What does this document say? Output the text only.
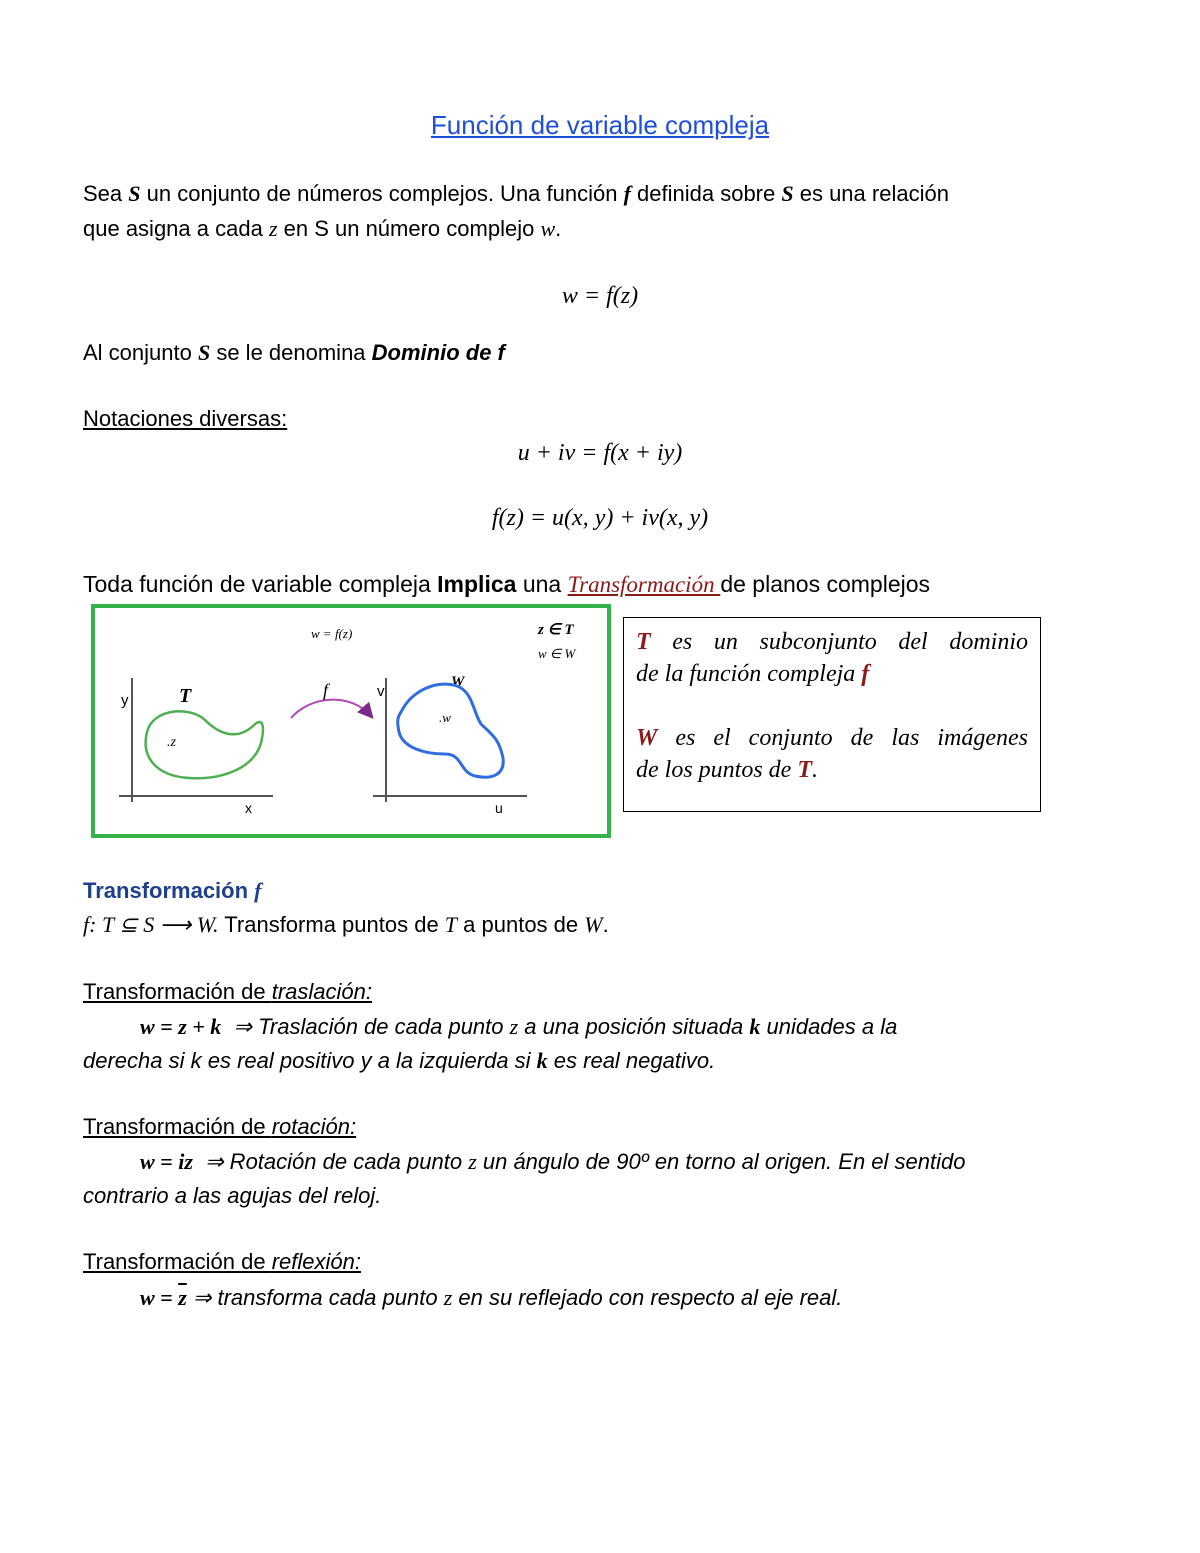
Función de variable compleja
Sea S un conjunto de números complejos. Una función f definida sobre S es una relación
que asigna a cada z en S un número complejo w.
w = f(z)
Al conjunto S se le denomina Dominio de f
Notaciones diversas:
u + iv = f(x + iy)
f(z) = u(x, y) + iv(x, y)
Toda función de variable compleja Implica una Transformación de planos complejos
w = f(z)	z ∈ T
w ∈ W
y
x
T
.z
f	v
u
W
.w

T es un subconjunto del dominio

de la función compleja f

W es el conjunto de las imágenes

de los puntos de T.

Transformación f
f: T ⊆ S ⟶ W. Transforma puntos de T a puntos de W.
Transformación de traslación:
w = z + k ⇒ Traslación de cada punto z a una posición situada k unidades a la
derecha si k es real positivo y a la izquierda si k es real negativo.
Transformación de rotación:
w = iz ⇒ Rotación de cada punto z un ángulo de 90º en torno al origen. En el sentido
contrario a las agujas del reloj.
Transformación de reflexión:
$w = \overline{z}$ ⇒ transforma cada punto z en su reflejado con respecto al eje real.
